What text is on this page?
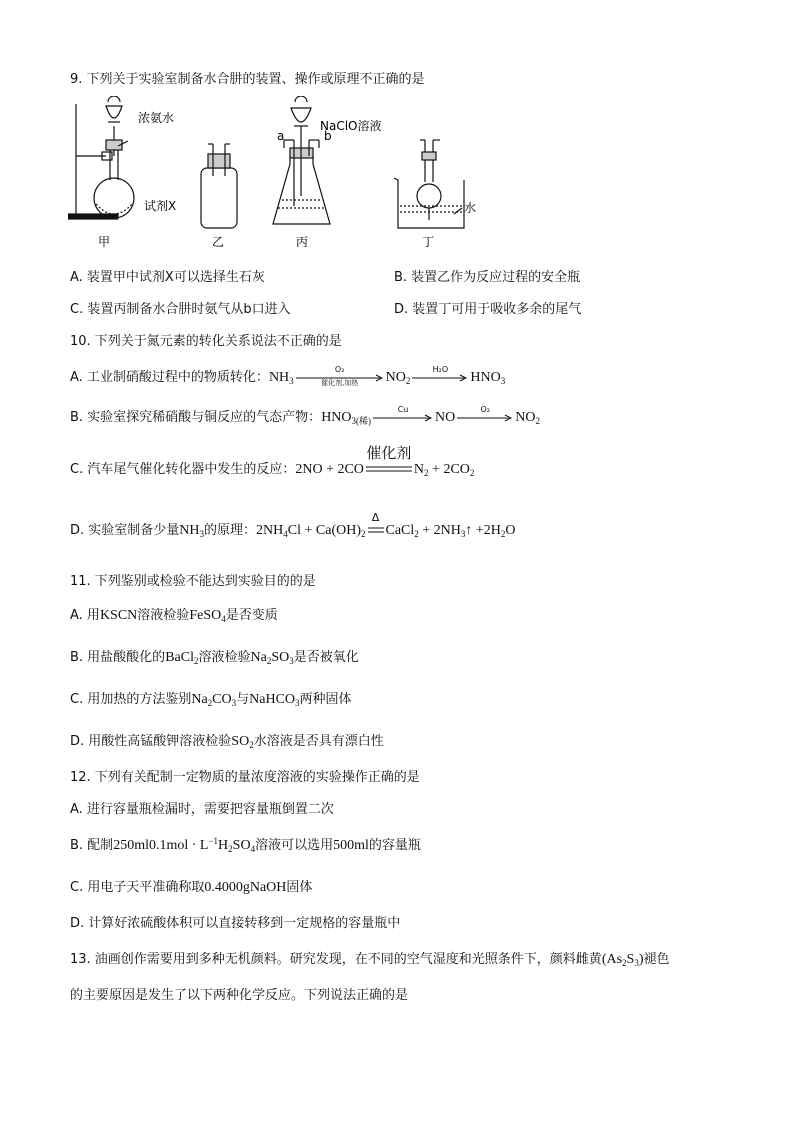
9. 下列关于实验室制备水合肼的装置、操作或原理不正确的是
浓氨水
试剂X
NaClO溶液
a	b
水
甲	乙	丙	丁
A. 装置甲中试剂X可以选择生石灰	B. 装置乙作为反应过程的安全瓶
C. 装置丙制备水合肼时氨气从b口进入	D. 装置丁可用于吸收多余的尾气
10. 下列关于氮元素的转化关系说法不正确的是
A. 工业制硝酸过程中的物质转化：$NH_3$
O₂
催化剂,加热	$NO_2$
H₂O
$HNO_3$
B. 实验室探究稀硝酸与铜反应的气态产物：$HNO_{3(稀)}$
Cu
NO
O₂
$NO_2$
C. 汽车尾气催化转化器中发生的反应：2NO + 2CO
催化剂
$N_2 + 2CO_2$
D. 实验室制备少量$NH_3$的原理：$2NH_4Cl + Ca(OH)_2$
Δ
CaCl$_2$ + $2NH_3↑ +2H_2O$
11. 下列鉴别或检验不能达到实验目的的是
A. 用KSCN溶液检验FeSO$_4$是否变质
B. 用盐酸酸化的BaCl$_2$溶液检验$Na_2SO_3$是否被氧化
C. 用加热的方法鉴别$Na_2CO_3$与NaHCO$_3$两种固体
D. 用酸性高锰酸钾溶液检验$SO_2$水溶液是否具有漂白性
12. 下列有关配制一定物质的量浓度溶液的实验操作正确的是
A. 进行容量瓶检漏时，需要把容量瓶倒置二次
B. 配制$250ml0.1mol \cdot L^{-1}H_2SO_4$溶液可以选用500ml的容量瓶
C. 用电子天平准确称取0.4000gNaOH固体
D. 计算好浓硫酸体积可以直接转移到一定规格的容量瓶中
13. 油画创作需要用到多种无机颜料。研究发现，在不同的空气湿度和光照条件下，颜料雌黄$(As_2S_3)$褪色
的主要原因是发生了以下两种化学反应。下列说法正确的是
